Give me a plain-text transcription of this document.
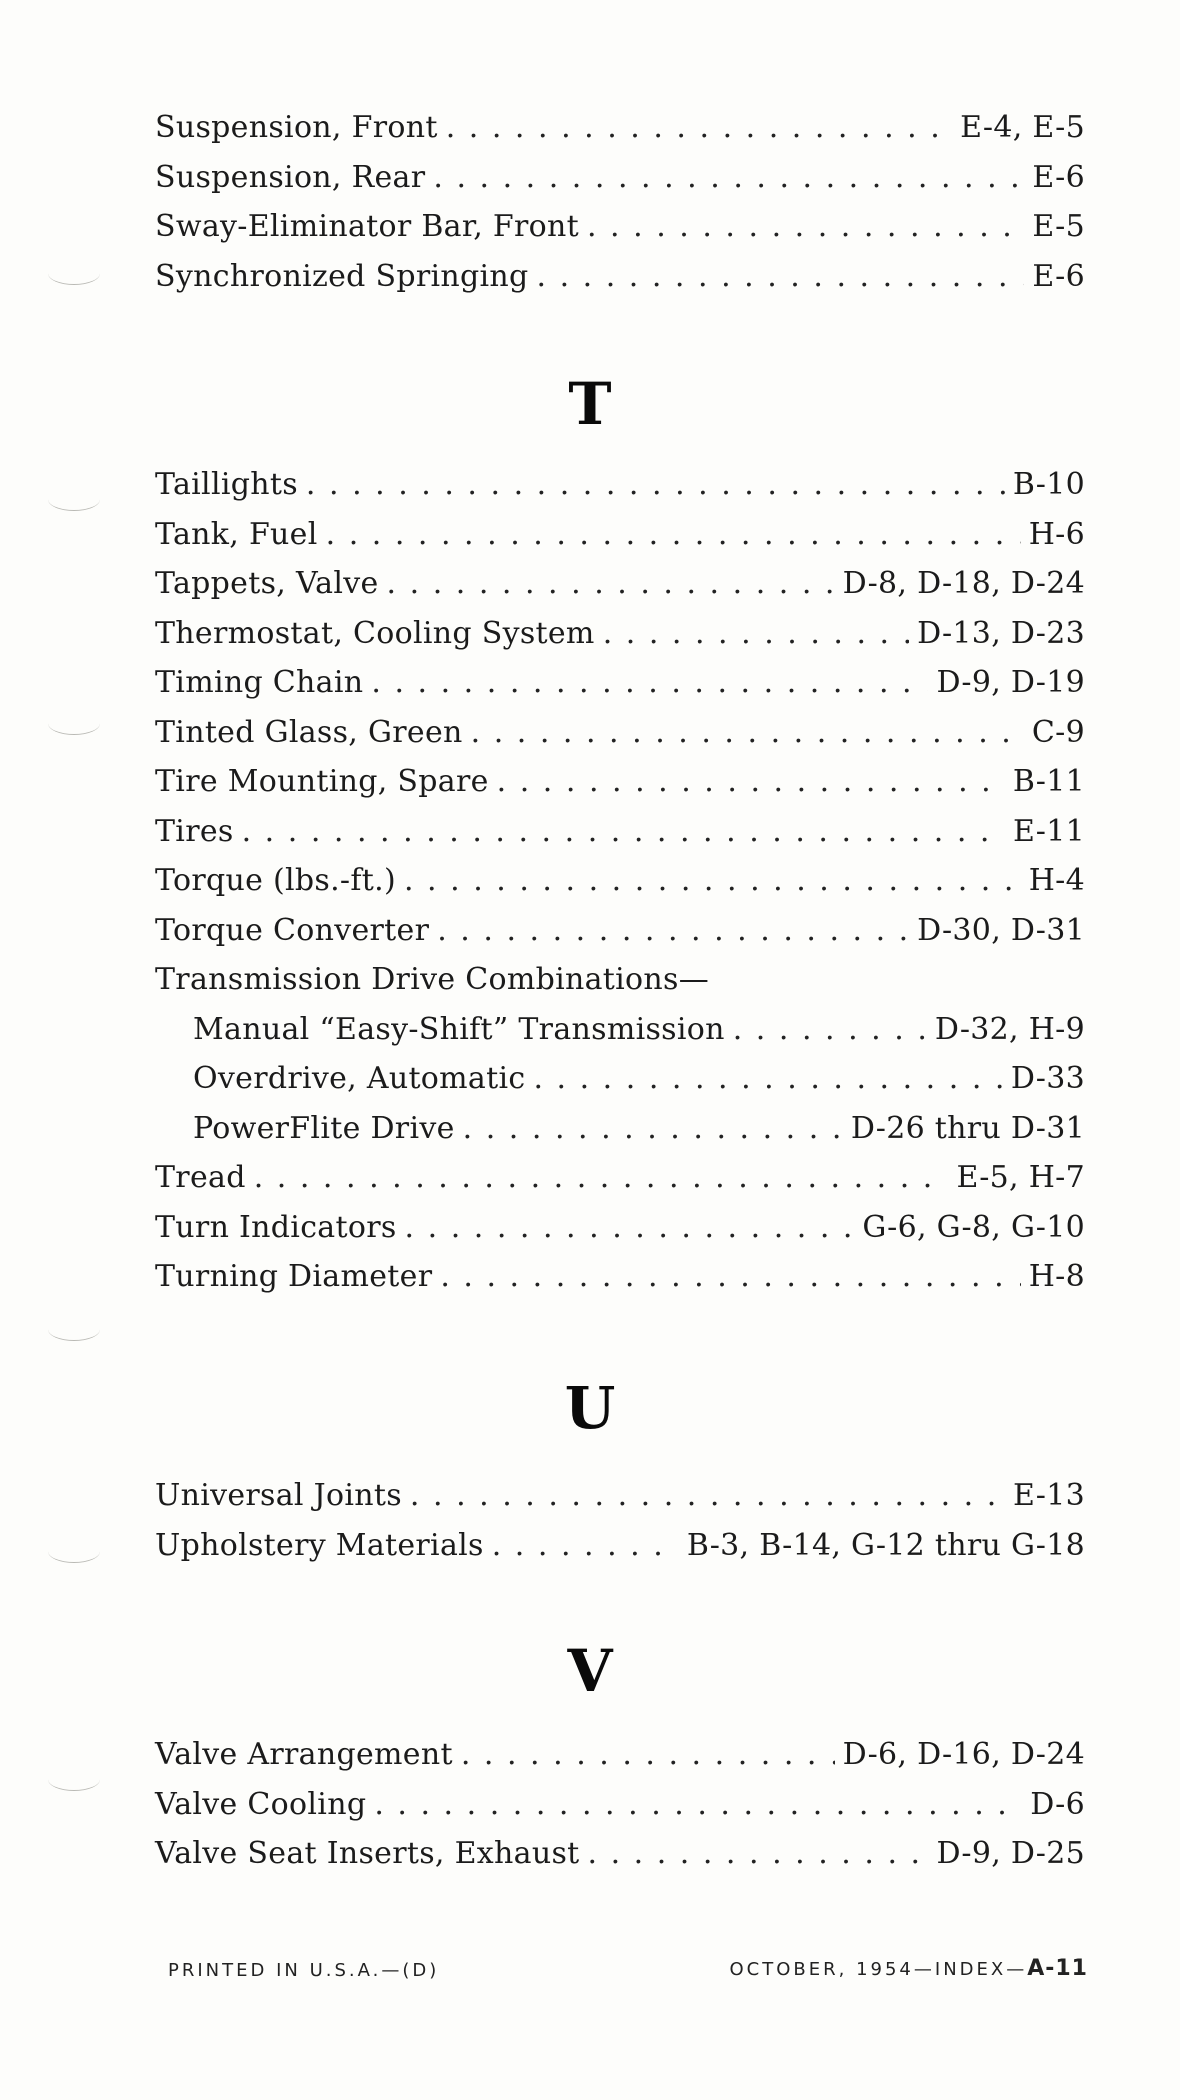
Suspension, Front . . .	E-4, E-5
Suspension, Rear . . .	E-6
Sway-Eliminator Bar, Front . . .	E-5
Synchronized Springing . . .	E-6
T
Taillights . . .	B-10
Tank, Fuel . . .	H-6
Tappets, Valve . . .	D-8, D-18, D-24
Thermostat, Cooling System . . .	D-13, D-23
Timing Chain . . .	D-9, D-19
Tinted Glass, Green . . .	C-9
Tire Mounting, Spare . . .	B-11
Tires . . .	E-11
Torque (lbs.-ft.) . . .	H-4
Torque Converter . . .	D-30, D-31
Transmission Drive Combinations—
Manual “Easy-Shift” Transmission . . .	D-32, H-9
Overdrive, Automatic . . .	D-33
PowerFlite Drive . . .	D-26 thru D-31
Tread . . .	E-5, H-7
Turn Indicators . . .	G-6, G-8, G-10
Turning Diameter . . .	H-8
U
Universal Joints . . .	E-13
Upholstery Materials . . .	B-3, B-14, G-12 thru G-18
V
Valve Arrangement . . .	D-6, D-16, D-24
Valve Cooling . . .	D-6
Valve Seat Inserts, Exhaust . . .	D-9, D-25
PRINTED IN U.S.A.—(D)	OCTOBER, 1954—INDEX—A-11
